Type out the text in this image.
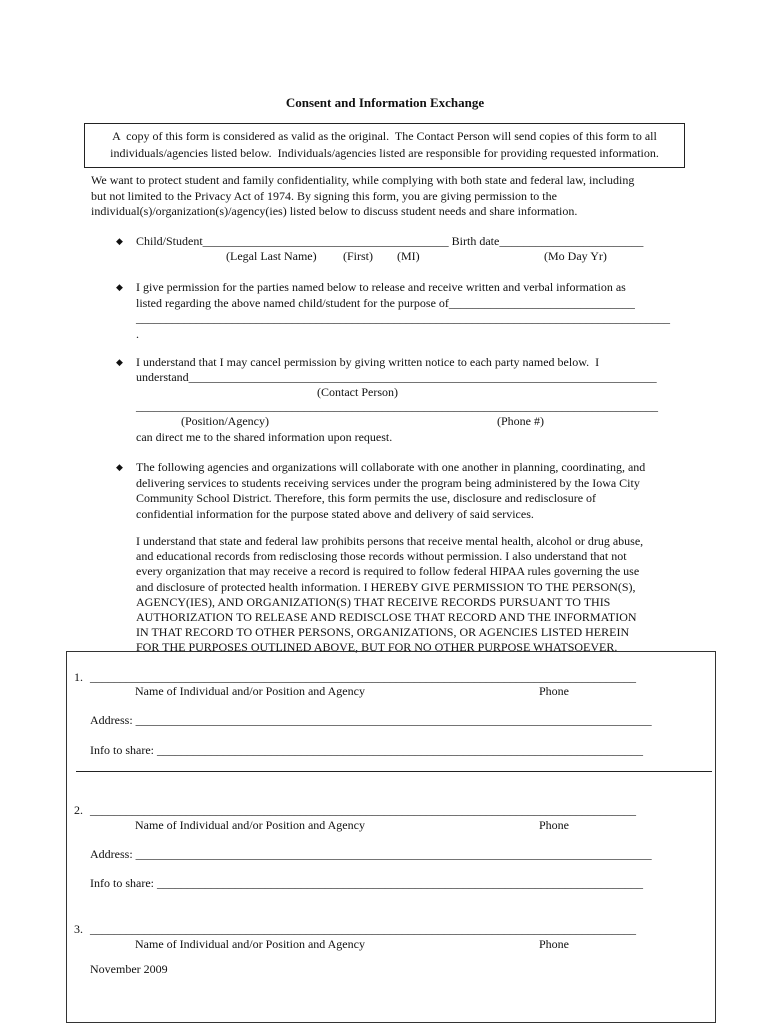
Consent and Information Exchange
A  copy of this form is considered as valid as the original.  The Contact Person will send copies of this form to all
individuals/agencies listed below.  Individuals/agencies listed are responsible for providing requested information.
We want to protect student and family confidentiality, while complying with both state and federal law, including
but not limited to the Privacy Act of 1974. By signing this form, you are giving permission to the
individual(s)/organization(s)/agency(ies) listed below to discuss student needs and share information.
◆ Child/Student_________________________________________ Birth date________________________
(Legal Last Name) (First) (MI)	(Mo Day Yr)
◆ I give permission for the parties named below to release and receive written and verbal information as
listed regarding the above named child/student for the purpose of_______________________________
_________________________________________________________________________________________
.
◆ I understand that I may cancel permission by giving written notice to each party named below.  I
understand______________________________________________________________________________
(Contact Person)
_______________________________________________________________________________________
(Position/Agency)	(Phone #)
can direct me to the shared information upon request.
◆ The following agencies and organizations will collaborate with one another in planning, coordinating, and
delivering services to students receiving services under the program being administered by the Iowa City
Community School District. Therefore, this form permits the use, disclosure and redisclosure of
confidential information for the purpose stated above and delivery of said services.
I understand that state and federal law prohibits persons that receive mental health, alcohol or drug abuse,
and educational records from redisclosing those records without permission. I also understand that not
every organization that may receive a record is required to follow federal HIPAA rules governing the use
and disclosure of protected health information. I HEREBY GIVE PERMISSION TO THE PERSON(S),
AGENCY(IES), AND ORGANIZATION(S) THAT RECEIVE RECORDS PURSUANT TO THIS
AUTHORIZATION TO RELEASE AND REDISCLOSE THAT RECORD AND THE INFORMATION
IN THAT RECORD TO OTHER PERSONS, ORGANIZATIONS, OR AGENCIES LISTED HEREIN
FOR THE PURPOSES OUTLINED ABOVE, BUT FOR NO OTHER PURPOSE WHATSOEVER.
1. ___________________________________________________________________________________________
Name of Individual and/or Position and Agency	Phone
Address: ______________________________________________________________________________________
Info to share: _________________________________________________________________________________
2. ___________________________________________________________________________________________
Name of Individual and/or Position and Agency	Phone
Address: ______________________________________________________________________________________
Info to share: _________________________________________________________________________________
3. ___________________________________________________________________________________________
Name of Individual and/or Position and Agency	Phone
November 2009
